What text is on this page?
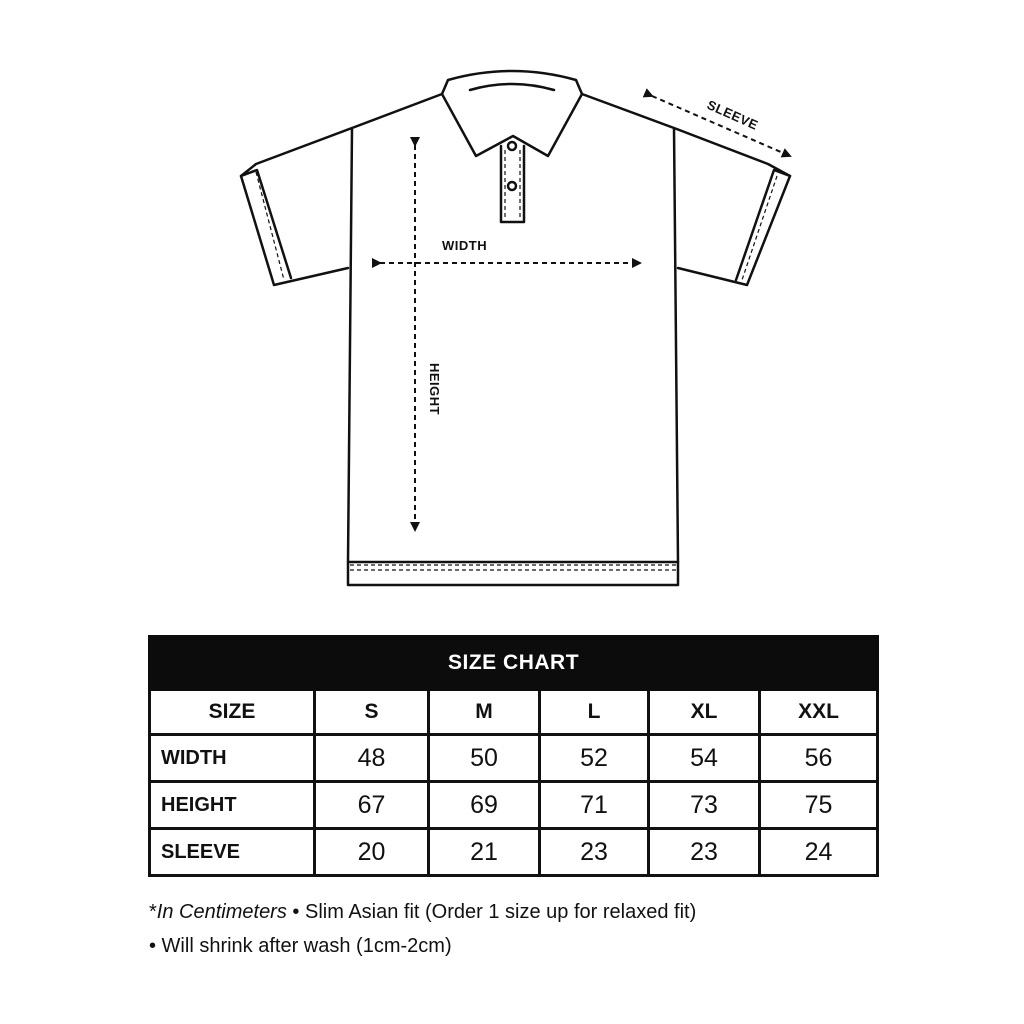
WIDTH
HEIGHT
SLEEVE
SIZE CHART					
SIZE	S	M	L	XL	XXL
WIDTH	48	50	52	54	56
HEIGHT	67	69	71	73	75
SLEEVE	20	21	23	23	24
*In Centimeters • Slim Asian fit (Order 1 size up for relaxed fit)
• Will shrink after wash (1cm-2cm)
